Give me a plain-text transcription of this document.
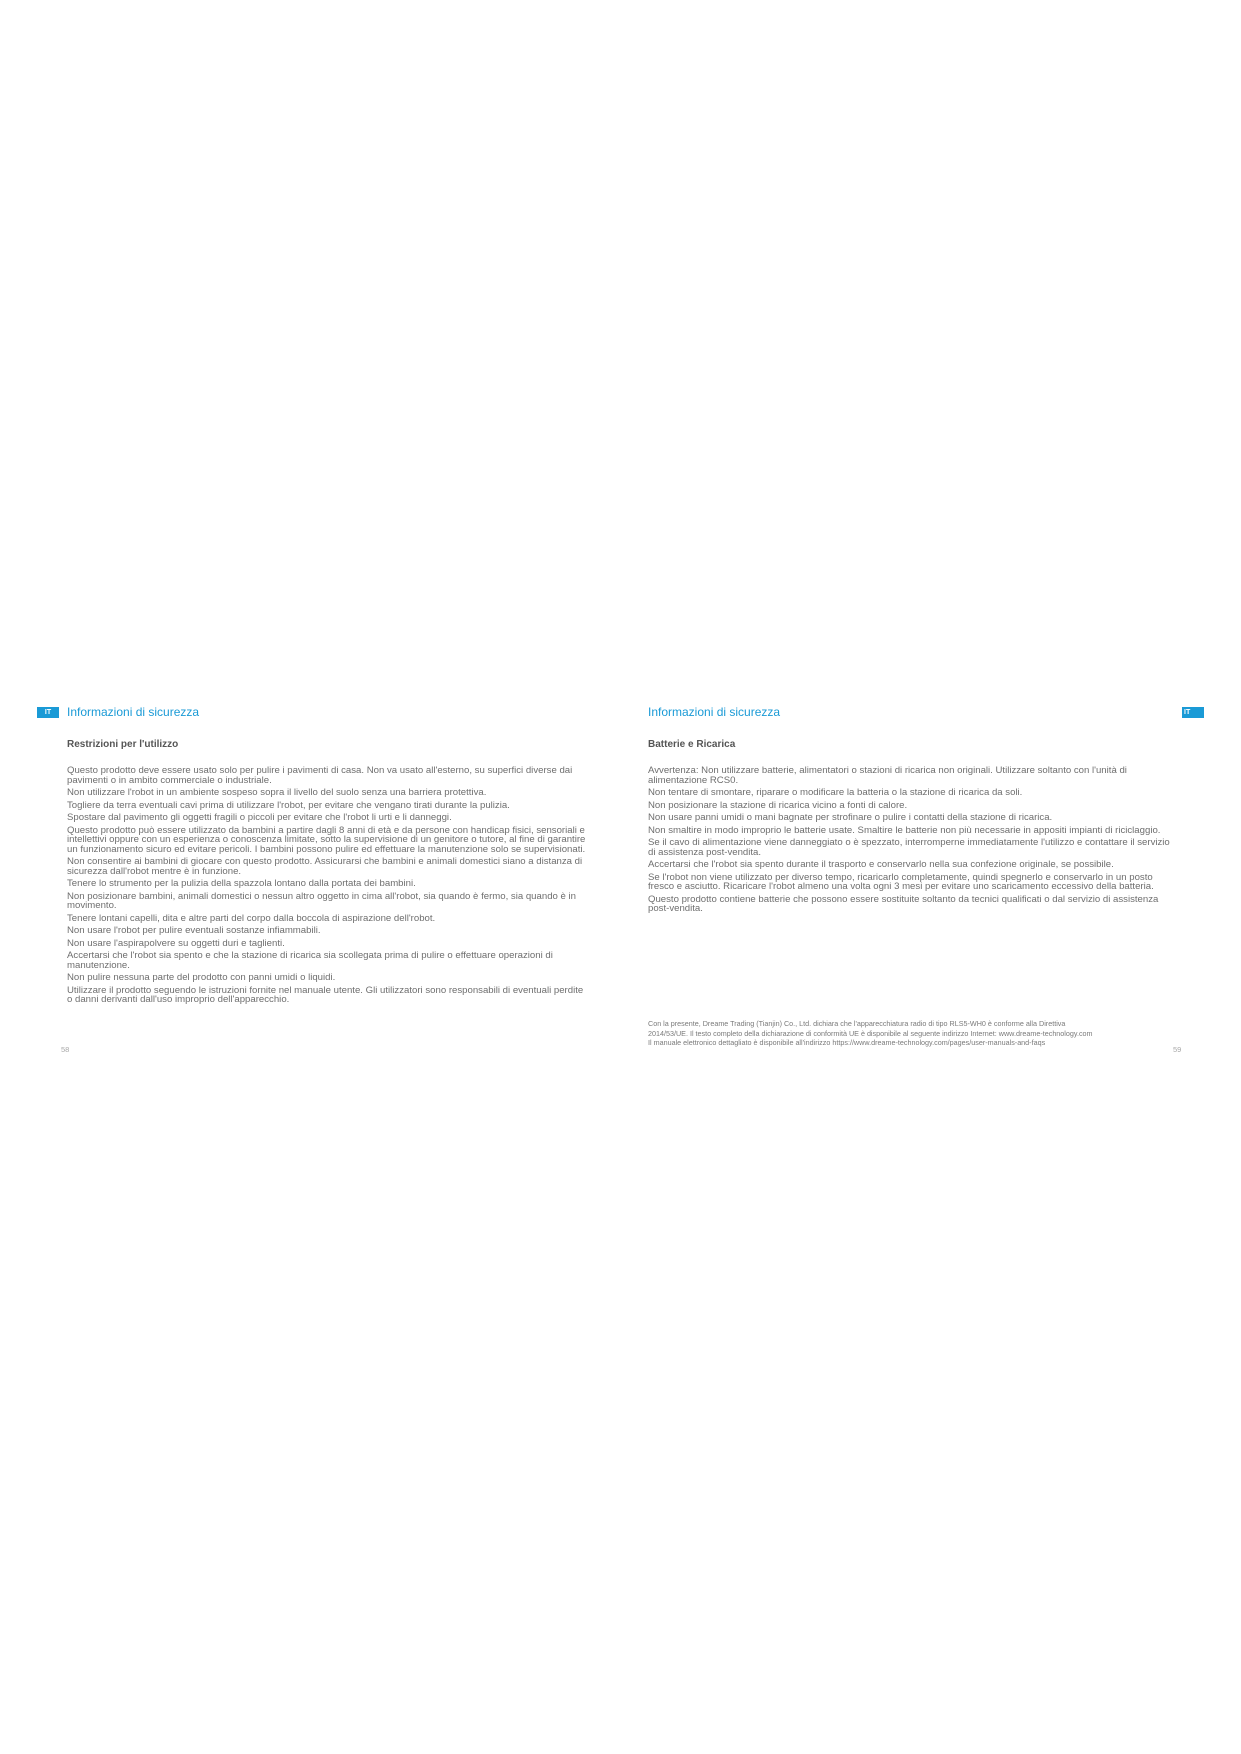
IT	Informazioni di sicurezza
Restrizioni per l'utilizzo
Questo prodotto deve essere usato solo per pulire i pavimenti di casa. Non va usato all'esterno, su superfici diverse dai pavimenti o in ambito commerciale o industriale.
Non utilizzare l'robot in un ambiente sospeso sopra il livello del suolo senza una barriera protettiva.
Togliere da terra eventuali cavi prima di utilizzare l'robot, per evitare che vengano tirati durante la pulizia.
Spostare dal pavimento gli oggetti fragili o piccoli per evitare che l'robot li urti e li danneggi.
Questo prodotto può essere utilizzato da bambini a partire dagli 8 anni di età e da persone con handicap fisici, sensoriali e intellettivi oppure con un esperienza o conoscenza limitate, sotto la supervisione di un genitore o tutore, al fine di garantire un funzionamento sicuro ed evitare pericoli. I bambini possono pulire ed effettuare la manutenzione solo se supervisionati.
Non consentire ai bambini di giocare con questo prodotto. Assicurarsi che bambini e animali domestici siano a distanza di sicurezza dall'robot mentre è in funzione.
Tenere lo strumento per la pulizia della spazzola lontano dalla portata dei bambini.
Non posizionare bambini, animali domestici o nessun altro oggetto in cima all'robot, sia quando è fermo, sia quando è in movimento.
Tenere lontani capelli, dita e altre parti del corpo dalla boccola di aspirazione dell'robot.
Non usare l'robot per pulire eventuali sostanze infiammabili.
Non usare l'aspirapolvere su oggetti duri e taglienti.
Accertarsi che l'robot sia spento e che la stazione di ricarica sia scollegata prima di pulire o effettuare operazioni di manutenzione.
Non pulire nessuna parte del prodotto con panni umidi o liquidi.
Utilizzare il prodotto seguendo le istruzioni fornite nel manuale utente. Gli utilizzatori sono responsabili di eventuali perdite o danni derivanti dall'uso improprio dell'apparecchio.
58
Informazioni di sicurezza	IT
Batterie e Ricarica
Avvertenza: Non utilizzare batterie, alimentatori o stazioni di ricarica non originali. Utilizzare soltanto con l'unità di alimentazione RCS0.
Non tentare di smontare, riparare o modificare la batteria o la stazione di ricarica da soli.
Non posizionare la stazione di ricarica vicino a fonti di calore.
Non usare panni umidi o mani bagnate per strofinare o pulire i contatti della stazione di ricarica.
Non smaltire in modo improprio le batterie usate. Smaltire le batterie non più necessarie in appositi impianti di riciclaggio.
Se il cavo di alimentazione viene danneggiato o è spezzato, interromperne immediatamente l'utilizzo e contattare il servizio di assistenza post-vendita.
Accertarsi che l'robot sia spento durante il trasporto e conservarlo nella sua confezione originale, se possibile.
Se l'robot non viene utilizzato per diverso tempo, ricaricarlo completamente, quindi spegnerlo e conservarlo in un posto fresco e asciutto. Ricaricare l'robot almeno una volta ogni 3 mesi per evitare uno scaricamento eccessivo della batteria.
Questo prodotto contiene batterie che possono essere sostituite soltanto da tecnici qualificati o dal servizio di assistenza post-vendita.

Con la presente, Dreame Trading (Tianjin) Co., Ltd. dichiara che l'apparecchiatura radio di tipo RLS5-WH0 è conforme alla Direttiva
2014/53/UE. Il testo completo della dichiarazione di conformità UE è disponibile al seguente indirizzo Internet: www.dreame-technology.com
Il manuale elettronico dettagliato è disponibile all'indirizzo https://www.dreame-technology.com/pages/user-manuals-and-faqs

59
